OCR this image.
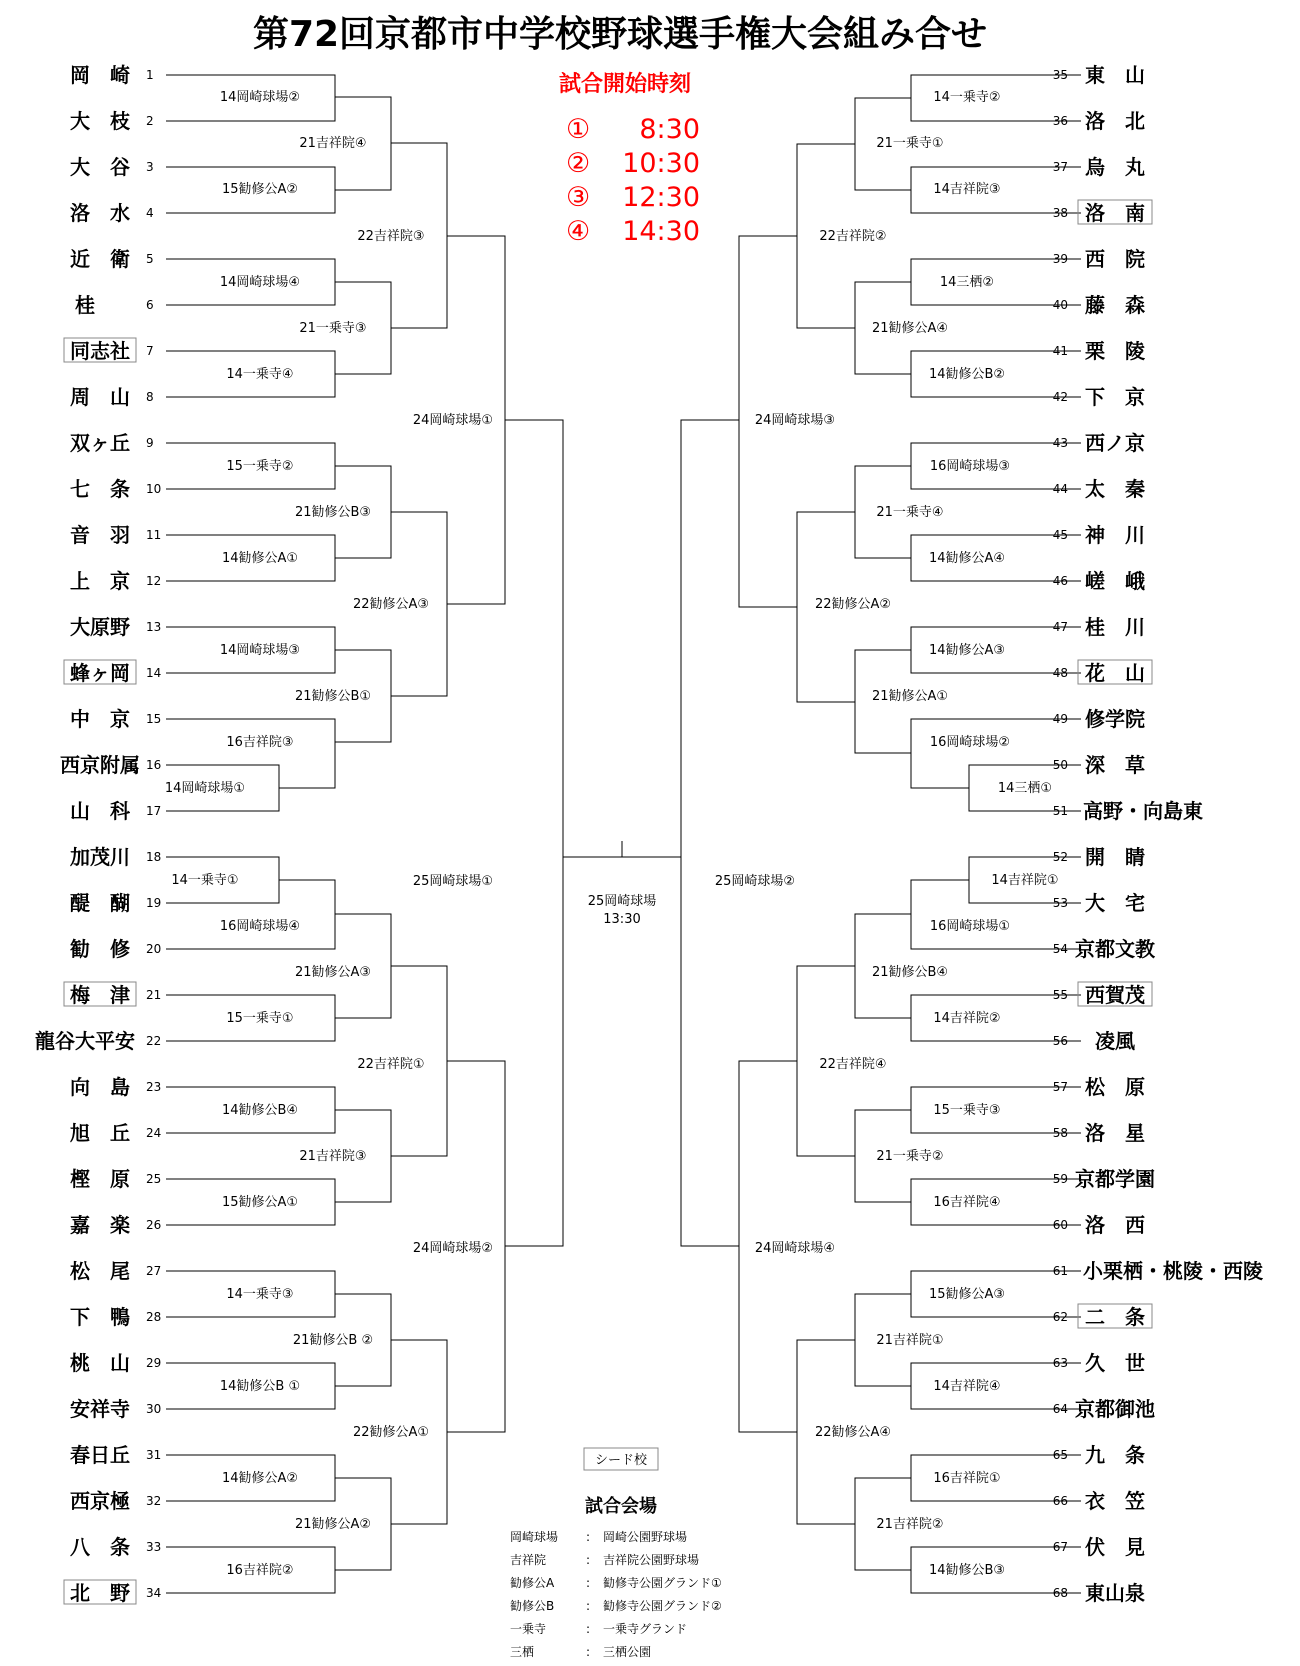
第72回京都市中学校野球選手権大会組み合せ
試合開始時刻
① 8:30
② 10:30
③ 12:30
④ 14:30
25岡崎球場
13:30
シード校
試合会場
岡崎球場 : 岡崎公園野球場
吉祥院	: 吉祥院公園野球場
勧修公A	: 勧修寺公園グランド①
勧修公B	: 勧修寺公園グランド②
一乗寺	: 一乗寺グランド
三栖	: 三栖公園
岡　崎 1
大　枝 2
大　谷 3
洛　水 4
近　衛 5
桂	6
同志社 7
周　山 8
双ヶ丘 9
七　条 10
音　羽 11
上　京 12
大原野 13
蜂ヶ岡 14
中　京 15
西京附属 16
山　科 17
加茂川 18
醍　醐 19
勧　修 20
梅　津 21
龍谷大平安 22
向　島 23
旭　丘 24
樫　原 25
嘉　楽 26
松　尾 27
下　鴨 28
桃　山 29
安祥寺 30
春日丘 31
西京極 32
八　条 33
北　野 34
35 東　山
36 洛　北
37 烏　丸
38 洛　南
39 西　院
40 藤　森
41 栗　陵
42 下　京
43 西ノ京
44 太　秦
45 神　川
46 嵯　峨
47 桂　川
48 花　山
49 修学院
50 深　草
51 高野・向島東
52 開　睛
53 大　宅
54 京都文教
55 西賀茂
56 凌風
57 松　原
58 洛　星
59 京都学園
60 洛　西
61 小栗栖・桃陵・西陵
62 二　条
63 久　世
64 京都御池
65 九　条
66 衣　笠
67 伏　見
68 東山泉
14岡崎球場②
21吉祥院④
15勧修公A②
22吉祥院③
14岡崎球場④
21一乗寺③
14一乗寺④
24岡崎球場①
15一乗寺②
21勧修公B③
14勧修公A①
22勧修公A③
14岡崎球場③
21勧修公B①
16吉祥院③
14岡崎球場①
14一乗寺①
16岡崎球場④
21勧修公A③
15一乗寺①
22吉祥院①
25岡崎球場①
14勧修公B④
21吉祥院③
15勧修公A①
24岡崎球場②
14一乗寺③
21勧修公B ②
14勧修公B ①
22勧修公A①
14勧修公A②
21勧修公A②
16吉祥院②
14一乗寺②
21一乗寺①
14吉祥院③
22吉祥院②
14三栖②
21勧修公A④
14勧修公B②
24岡崎球場③
16岡崎球場③
21一乗寺④
14勧修公A④
22勧修公A②
14勧修公A③
21勧修公A①
16岡崎球場②
14三栖①
25岡崎球場②	14吉祥院①
16岡崎球場①
21勧修公B④
14吉祥院②
22吉祥院④
15一乗寺③
21一乗寺②
16吉祥院④
24岡崎球場④
15勧修公A③
21吉祥院①
14吉祥院④
22勧修公A④
16吉祥院①
21吉祥院②
14勧修公B③
